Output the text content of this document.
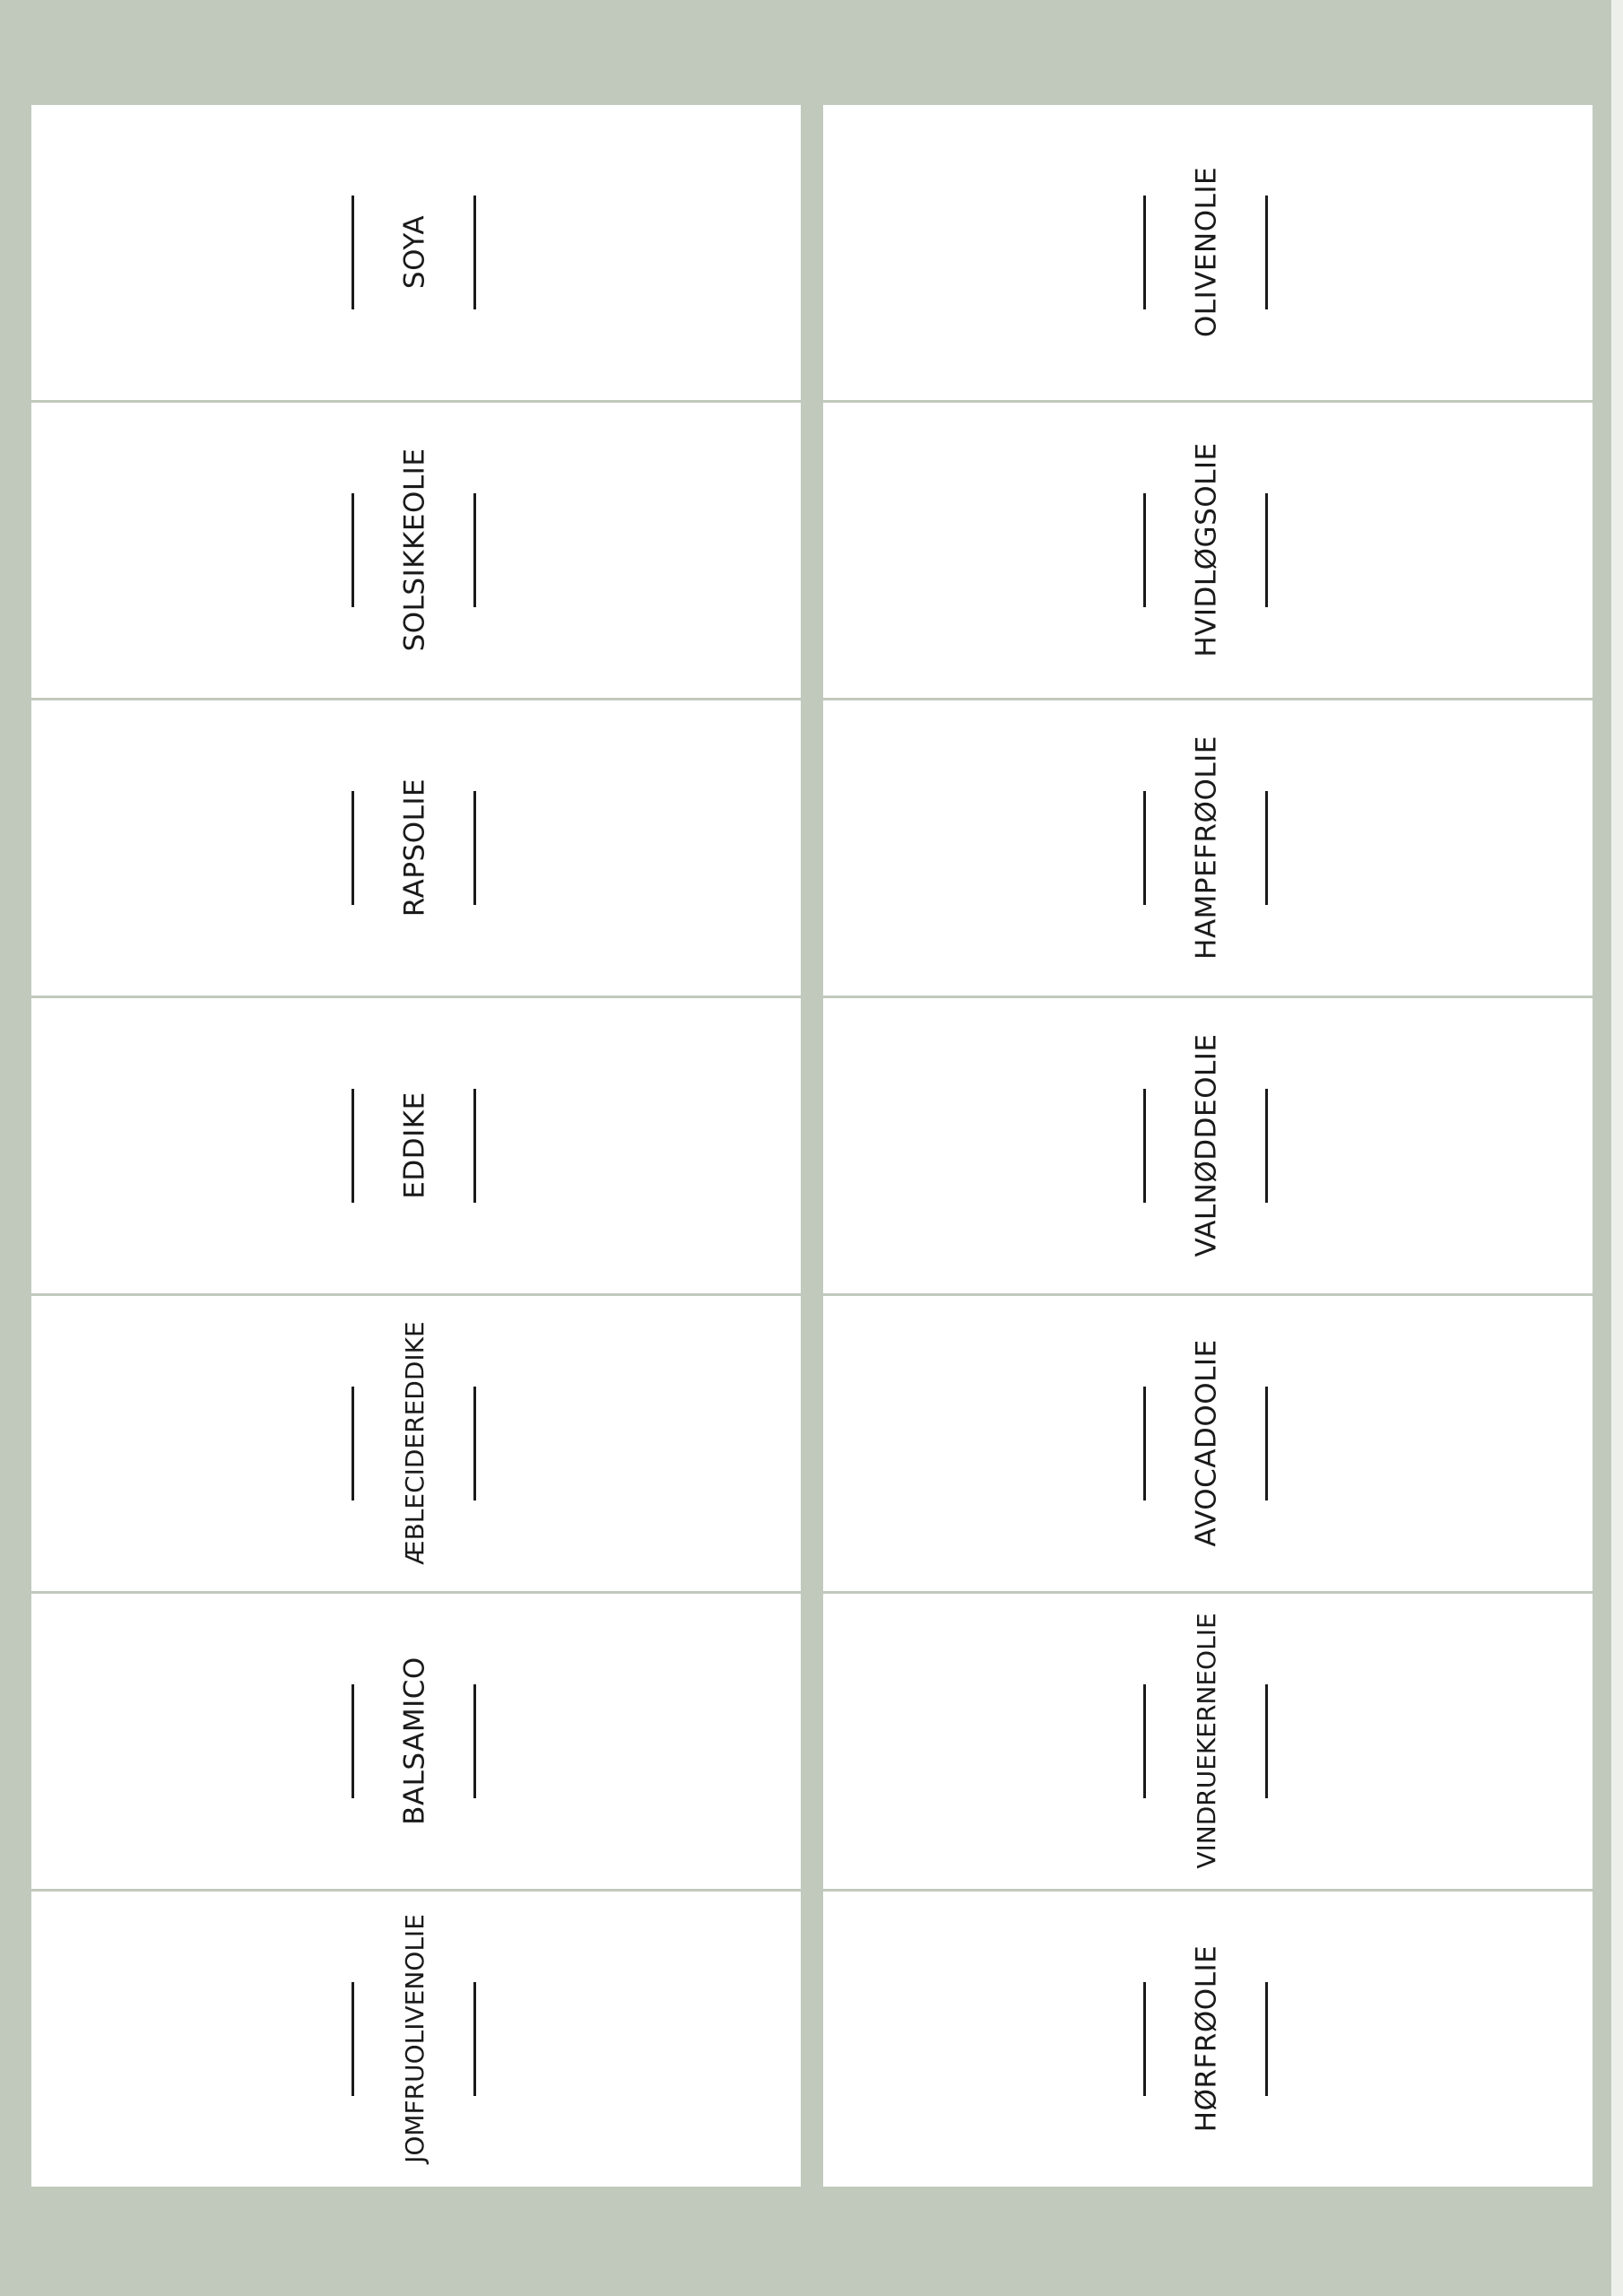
SOYA
SOLSIKKEOLIE
RAPSOLIE
EDDIKE
ÆBLECIDEREDDIKE
BALSAMICO
JOMFRUOLIVENOLIE
OLIVENOLIE
HVIDLØGSOLIE
HAMPEFRØOLIE
VALNØDDEOLIE
AVOCADOOLIE
VINDRUEKERNEOLIE
HØRFRØOLIE
